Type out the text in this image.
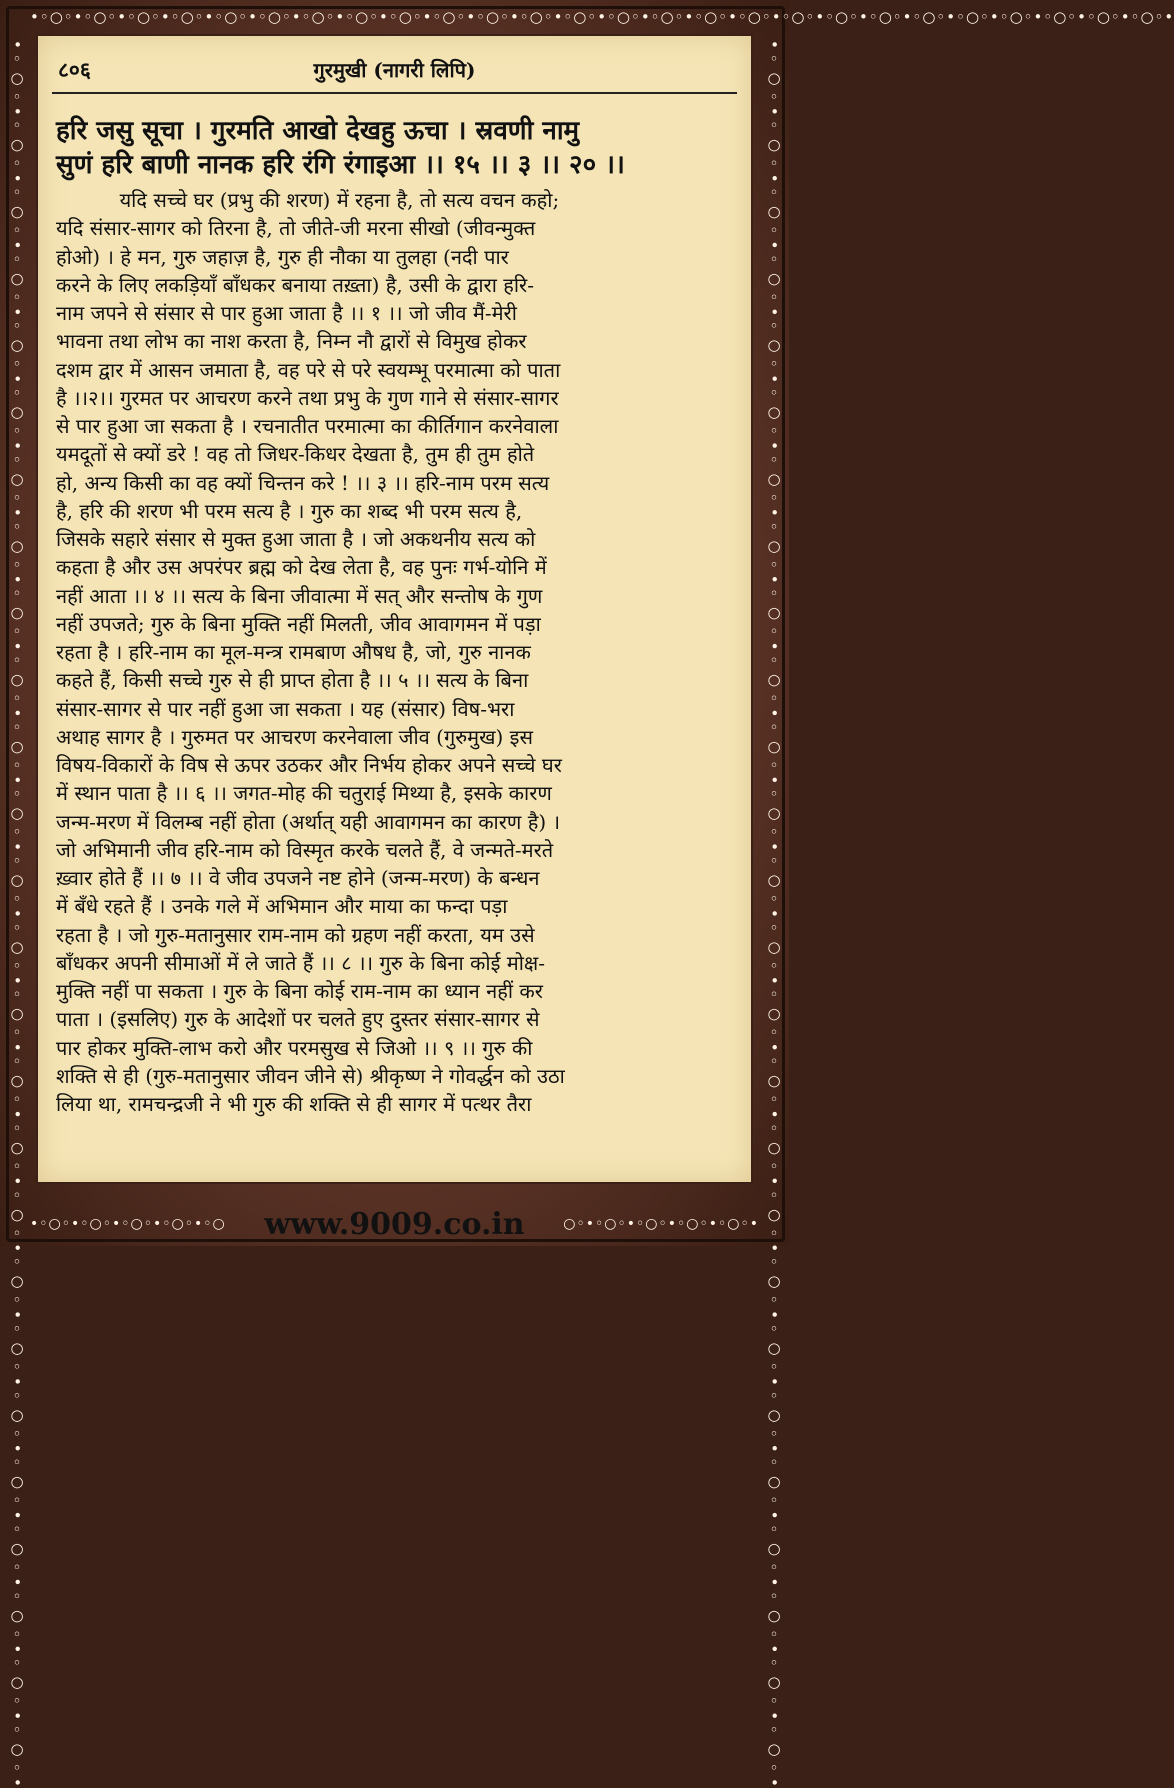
•◦○◦•◦○◦•◦○◦•◦○◦•◦○◦•◦○◦•◦○◦•◦○◦•◦○◦•◦○◦•◦○◦•◦○◦•◦○◦•◦○◦•◦○◦•◦○◦•◦○◦•◦○◦•◦○◦•◦○◦•◦○◦•◦○◦•◦○◦•◦○◦•◦○◦•◦○◦•
•◦○◦•◦○◦•◦○◦•◦○◦•◦○◦•◦○◦•◦○◦•◦○◦•◦○◦•◦○◦•◦○◦•◦○◦•◦○◦•◦○◦•◦○◦•◦○◦•◦○◦•◦○◦•◦○◦•◦○◦•◦○◦•◦○◦•◦○◦•◦○◦•◦○◦•◦○◦•	•◦○◦•◦○◦•◦○◦•◦○◦•◦○◦•◦○◦•◦○◦•◦○◦•◦○◦•◦○◦•◦○◦•◦○◦•◦○◦•◦○◦•◦○◦•◦○◦•◦○◦•◦○◦•◦○◦•◦○◦•◦○◦•◦○◦•◦○◦•◦○◦•◦○◦•◦○◦•
८०६	गुरमुखी (नागरी लिपि)
हरि जसु सूचा । गुरमति आखो देखहु ऊचा । स्रवणी नामु
सुणं हरि बाणी नानक हरि रंगि रंगाइआ ।। १५ ।। ३ ।। २० ।।
यदि सच्चे घर (प्रभु की शरण) में रहना है, तो सत्य वचन कहो;
यदि संसार-सागर को तिरना है, तो जीते-जी मरना सीखो (जीवन्मुक्त
होओ) । हे मन, गुरु जहाज़ है, गुरु ही नौका या तुलहा (नदी पार
करने के लिए लकड़ियाँ बाँधकर बनाया तख़्ता) है, उसी के द्वारा हरि-
नाम जपने से संसार से पार हुआ जाता है ।। १ ।। जो जीव मैं-मेरी
भावना तथा लोभ का नाश करता है, निम्न नौ द्वारों से विमुख होकर
दशम द्वार में आसन जमाता है, वह परे से परे स्वयम्भू परमात्मा को पाता
है ।।२।। गुरमत पर आचरण करने तथा प्रभु के गुण गाने से संसार-सागर
से पार हुआ जा सकता है । रचनातीत परमात्मा का कीर्तिगान करनेवाला
यमदूतों से क्यों डरे ! वह तो जिधर-किधर देखता है, तुम ही तुम होते
हो, अन्य किसी का वह क्यों चिन्तन करे ! ।। ३ ।। हरि-नाम परम सत्य
है, हरि की शरण भी परम सत्य है । गुरु का शब्द भी परम सत्य है,
जिसके सहारे संसार से मुक्त हुआ जाता है । जो अकथनीय सत्य को
कहता है और उस अपरंपर ब्रह्म को देख लेता है, वह पुनः गर्भ-योनि में
नहीं आता ।। ४ ।। सत्य के बिना जीवात्मा में सत् और सन्तोष के गुण
नहीं उपजते; गुरु के बिना मुक्ति नहीं मिलती, जीव आवागमन में पड़ा
रहता है । हरि-नाम का मूल-मन्त्र रामबाण औषध है, जो, गुरु नानक
कहते हैं, किसी सच्चे गुरु से ही प्राप्त होता है ।। ५ ।। सत्य के बिना
संसार-सागर से पार नहीं हुआ जा सकता । यह (संसार) विष-भरा
अथाह सागर है । गुरुमत पर आचरण करनेवाला जीव (गुरुमुख) इस
विषय-विकारों के विष से ऊपर उठकर और निर्भय होकर अपने सच्चे घर
में स्थान पाता है ।। ६ ।। जगत-मोह की चतुराई मिथ्या है, इसके कारण
जन्म-मरण में विलम्ब नहीं होता (अर्थात् यही आवागमन का कारण है) ।
जो अभिमानी जीव हरि-नाम को विस्मृत करके चलते हैं, वे जन्मते-मरते
ख़्वार होते हैं ।। ७ ।। वे जीव उपजने नष्ट होने (जन्म-मरण) के बन्धन
में बँधे रहते हैं । उनके गले में अभिमान और माया का फन्दा पड़ा
रहता है । जो गुरु-मतानुसार राम-नाम को ग्रहण नहीं करता, यम उसे
बाँधकर अपनी सीमाओं में ले जाते हैं ।। ८ ।। गुरु के बिना कोई मोक्ष-
मुक्ति नहीं पा सकता । गुरु के बिना कोई राम-नाम का ध्यान नहीं कर
पाता । (इसलिए) गुरु के आदेशों पर चलते हुए दुस्तर संसार-सागर से
पार होकर मुक्ति-लाभ करो और परमसुख से जिओ ।। ९ ।। गुरु की
शक्ति से ही (गुरु-मतानुसार जीवन जीने से) श्रीकृष्ण ने गोवर्द्धन को उठा
लिया था, रामचन्द्रजी ने भी गुरु की शक्ति से ही सागर में पत्थर तैरा
•◦○◦•◦○◦•◦○◦•◦○◦•◦○	www.9009.co.in	○◦•◦○◦•◦○◦•◦○◦•◦○◦•
